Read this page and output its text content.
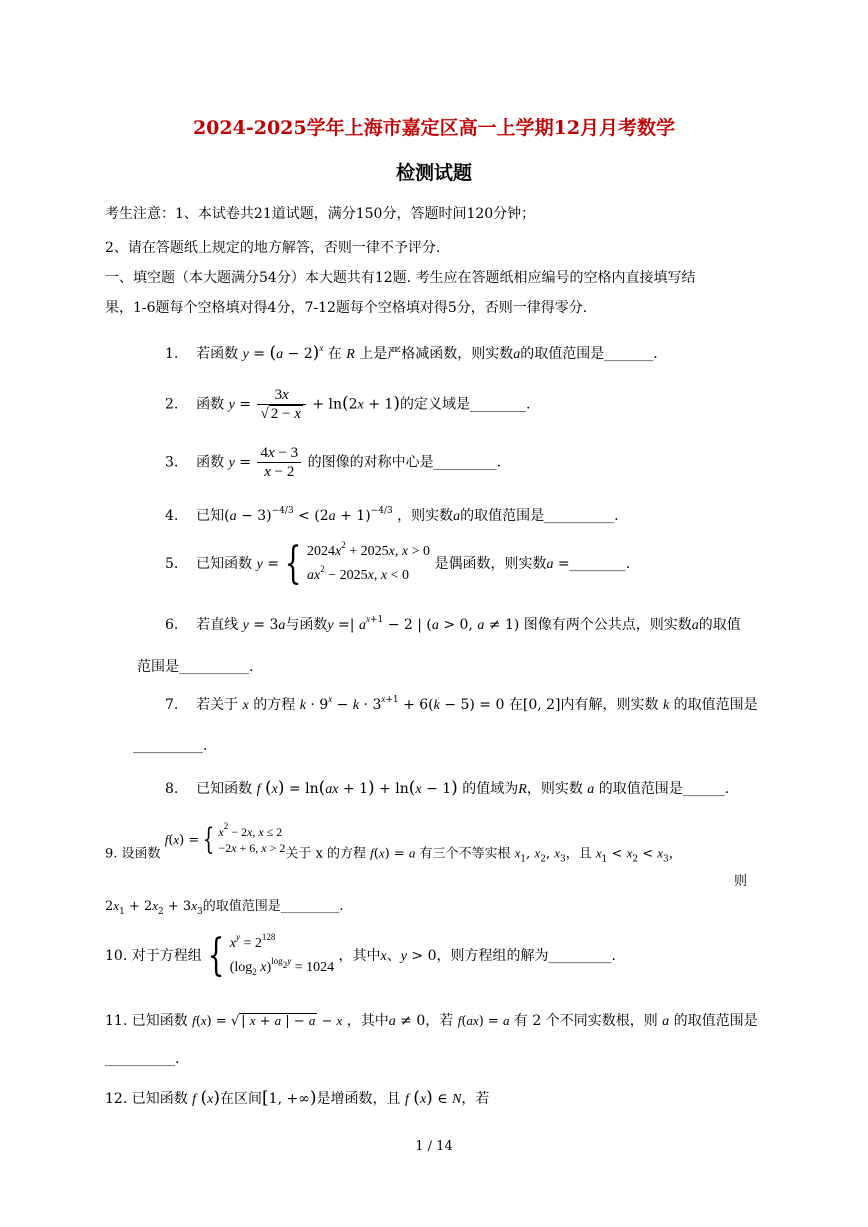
2024-2025学年上海市嘉定区高一上学期12月月考数学
检测试题
考生注意：1、本试卷共21道试题，满分150分，答题时间120分钟；
2、请在答题纸上规定的地方解答，否则一律不予评分.
一、填空题（本大题满分54分）本大题共有12题. 考生应在答题纸相应编号的空格内直接填写结
果，1-6题每个空格填对得4分，7-12题每个空格填对得5分，否则一律得零分.
1. 若函数 $y = (a - 2)^x$ 在 R 上是严格减函数，则实数a的取值范围是_______.
2. 函数 $y = \frac{3x}{√ 2 - x} + \ln(2x + 1)$的定义域是________.
3. 函数 $y = \frac{4x - 3}{x - 2}$ 的图像的对称中心是_________.
4. 已知$(a - 3)^{-4/3} < (2a + 1)^{-4/3}$ ，则实数a的取值范围是__________.
5. 已知函数 y = { $2024x^2 + 2025x$, x > 0
$ax^2 - 2025x$, x < 0 是偶函数，则实数a =________.
6. 若直线 y = 3a与函数y =| $a^{x+1} - 2$ | (a > 0, a ≠ 1) 图像有两个公共点，则实数a的取值
范围是__________.
7. 若关于 x 的方程 $k \cdot 9^x - k \cdot 3^{x+1} + 6(k - 5) = 0$ 在[0, 2]内有解，则实数 k 的取值范围是
__________.
8. 已知函数 f (x) = ln(ax + 1) + ln(x − 1) 的值域为R，则实数 a 的取值范围是______.
9. 设函数 f(x) = { $x^2 - 2x$, x ≤ 2
−2x + 6, x > 2关于 x 的方程 f(x) = a 有三个不等实根 $x_1$, $x_2$, $x_3$，且 $x_1 < x_2 < x_3$，
则
$2x_1 + 2x_2 + 3x_3$的取值范围是_________.
10. 对于方程组 { $x^y = 2^{128}$
($\log_2$ x)$^{log_2y}$ = 1024 ，其中x、y > 0，则方程组的解为_________.
11. 已知函数 f(x) = √ | x + a | − a − x ，其中a ≠ 0，若 f(ax) = a 有 2 个不同实数根，则 a 的取值范围是
__________.
12. 已知函数 f (x)在区间[1, +∞)是增函数，且 f (x) ∈ N，若
1 / 14
